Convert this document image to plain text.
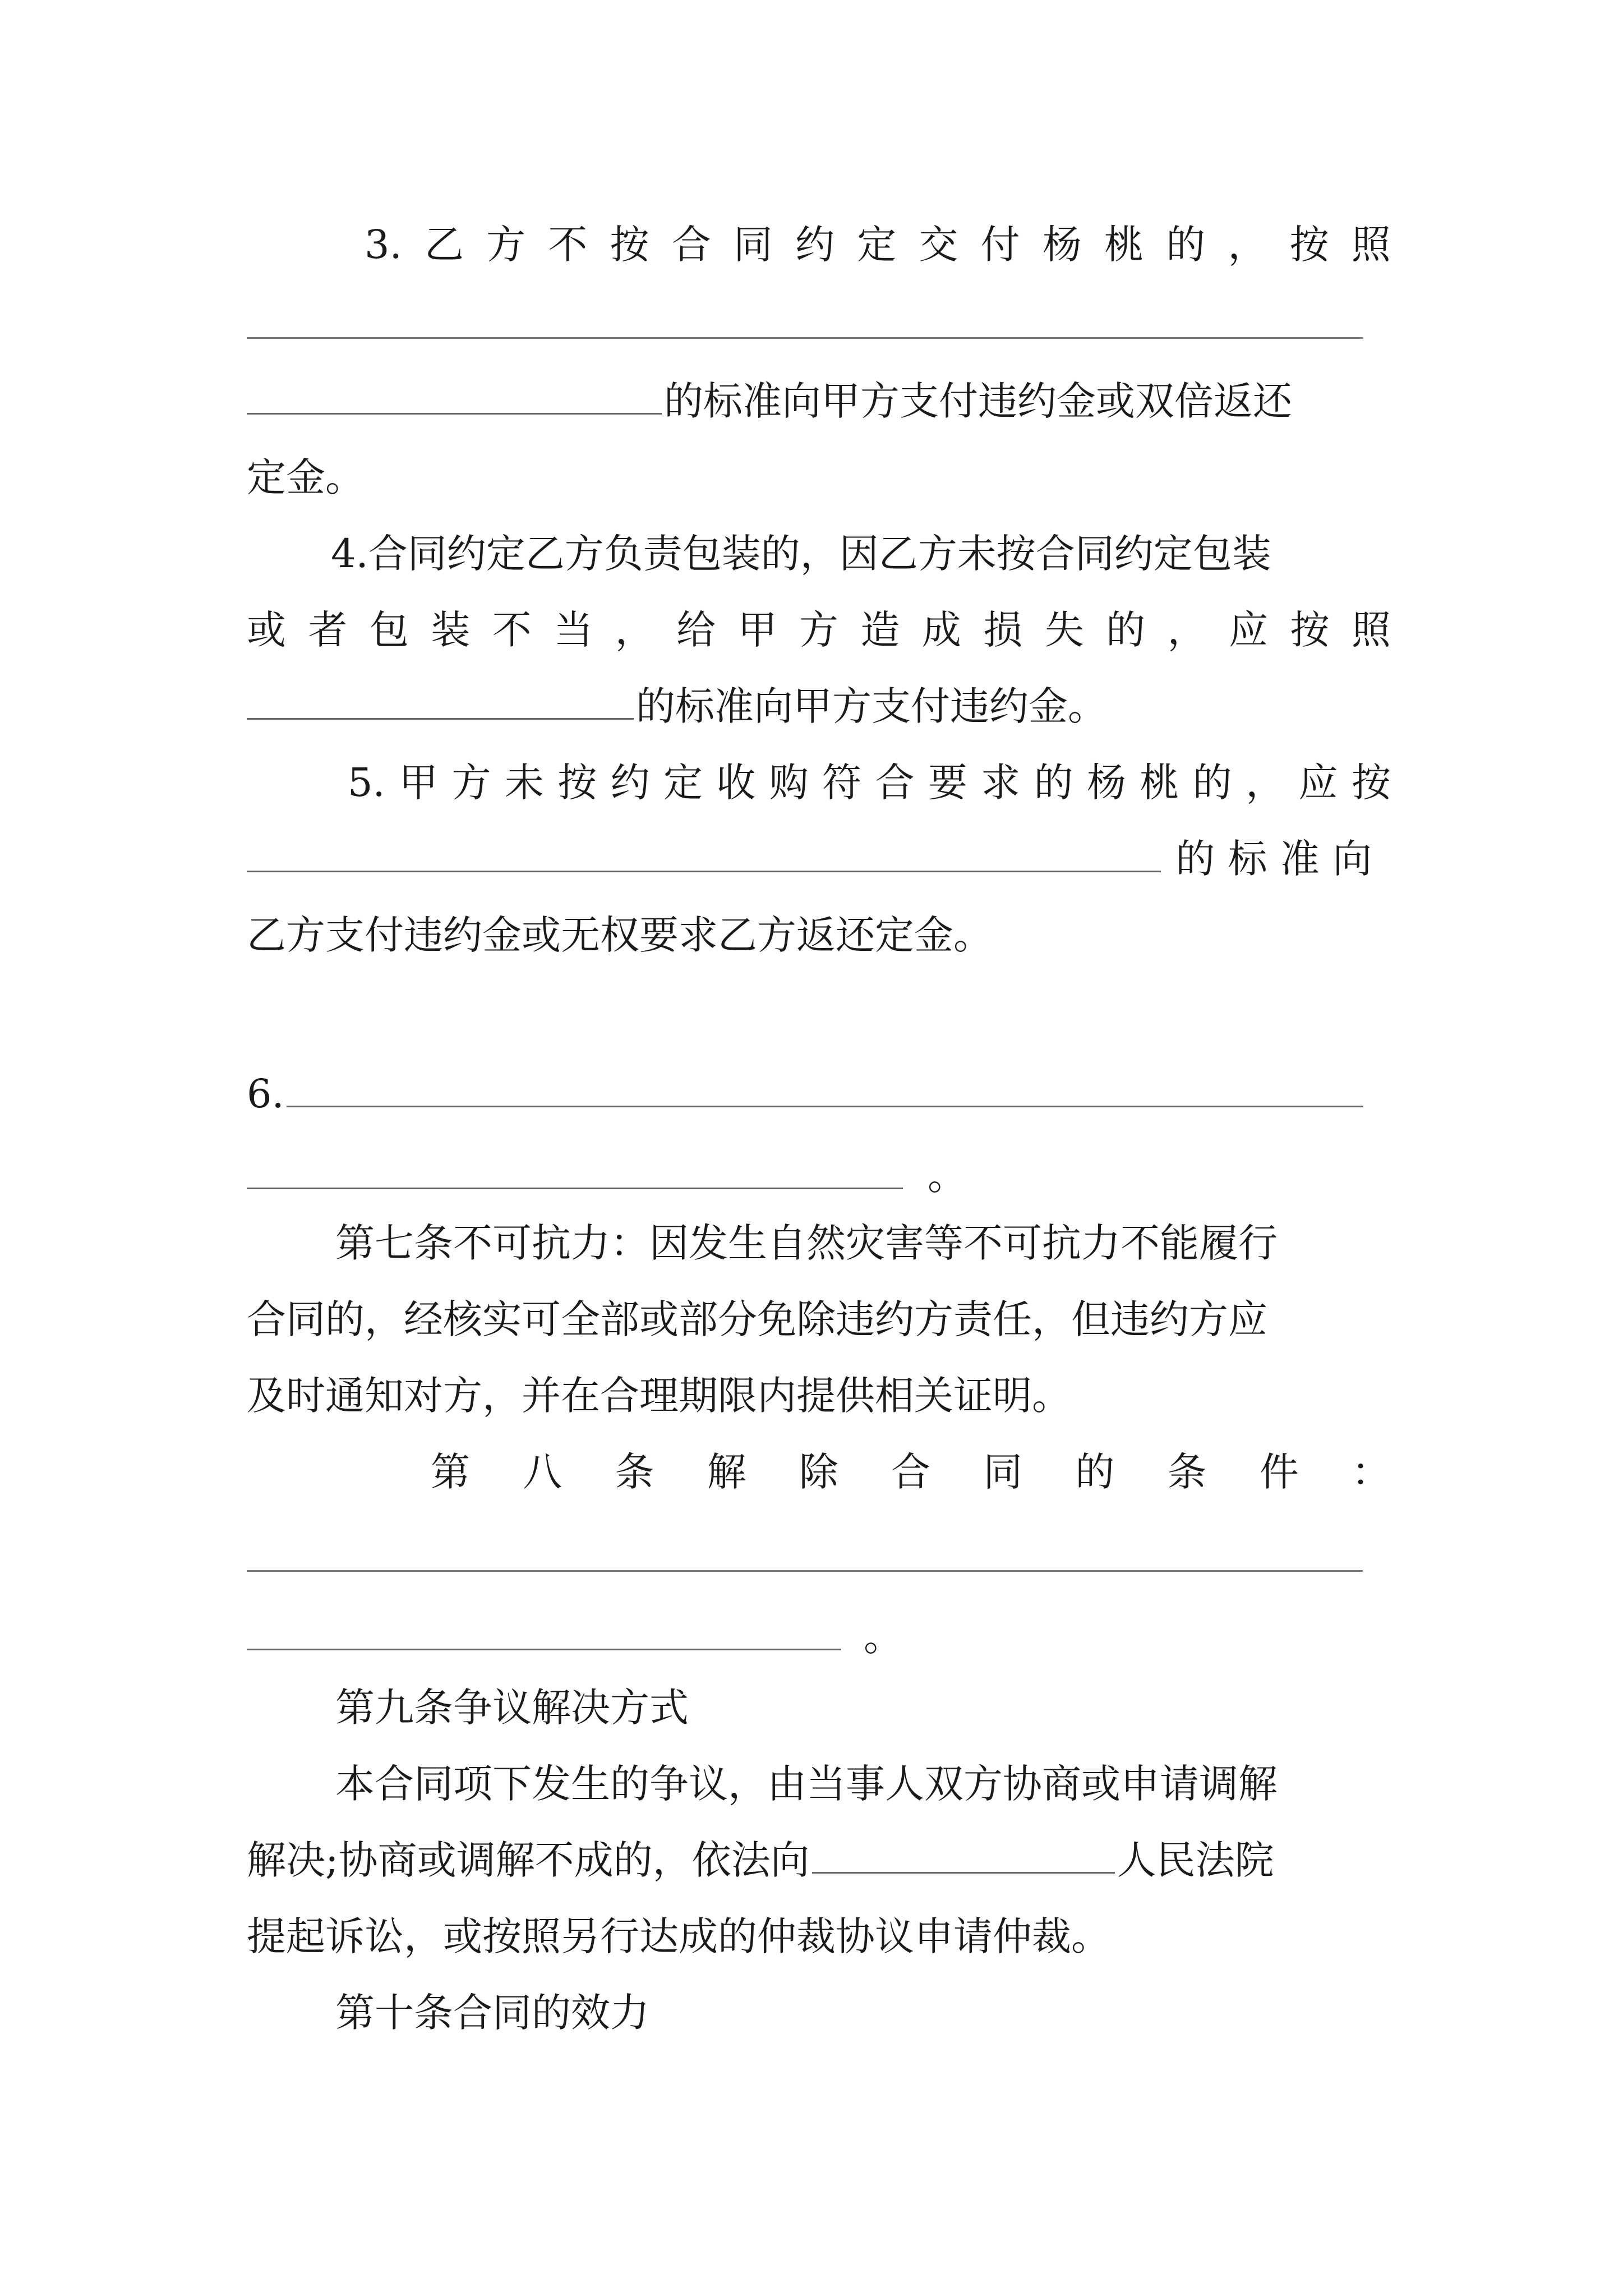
3. 乙 方 不 按 合 同 约 定 交 付 杨 桃 的 ， 按 照
的标准向甲方支付违约金或双倍返还
定金。
4.合同约定乙方负责包装的，因乙方未按合同约定包装
或 者 包 装 不 当 ， 给 甲 方 造 成 损 失 的 ， 应 按 照
的标准向甲方支付违约金。
5. 甲 方 未 按 约 定 收 购 符 合 要 求 的 杨 桃 的 ， 应 按

的 标 准 向
乙方支付违约金或无权要求乙方返还定金。
6.
。
第七条不可抗力：因发生自然灾害等不可抗力不能履行
合同的，经核实可全部或部分免除违约方责任，但违约方应
及时通知对方，并在合理期限内提供相关证明。
第 八 条 解 除 合 同 的 条 件 ：
。
第九条争议解决方式
本合同项下发生的争议，由当事人双方协商或申请调解
解决;协商或调解不成的，依法向	人民法院
提起诉讼，或按照另行达成的仲裁协议申请仲裁。
第十条合同的效力
